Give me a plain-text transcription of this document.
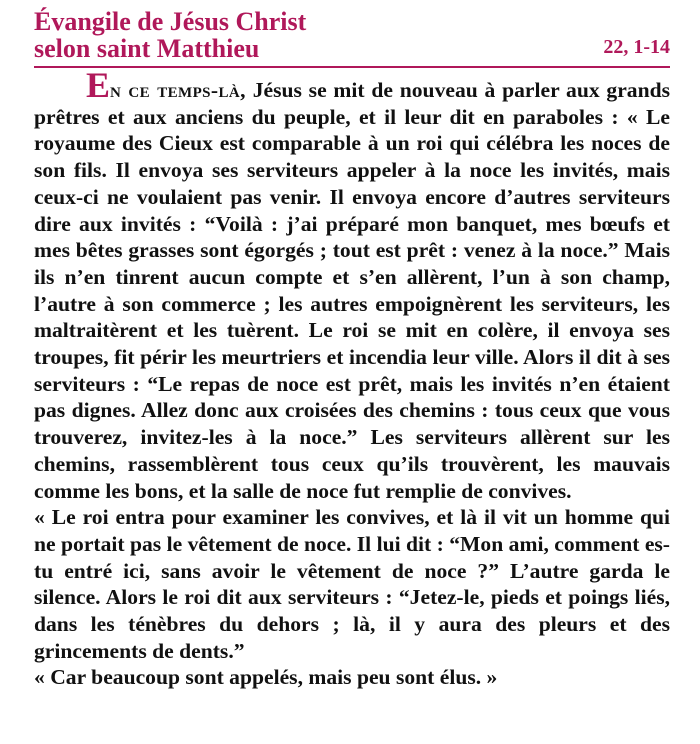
Évangile de Jésus Christ
selon saint Matthieu	22, 1-14

En ce temps-là, Jésus se mit de nouveau à parler aux grands prêtres et aux anciens du peuple, et il leur dit en paraboles : « Le royaume des Cieux est comparable à un roi qui célébra les noces de son fils. Il envoya ses serviteurs appeler à la noce les invités, mais ceux-ci ne voulaient pas venir. Il envoya encore d’autres serviteurs dire aux invités : “Voilà : j’ai préparé mon banquet, mes bœufs et mes bêtes grasses sont égorgés ; tout est prêt : venez à la noce.” Mais ils n’en tinrent aucun compte et s’en allèrent, l’un à son champ, l’autre à son commerce ; les autres empoignèrent les serviteurs, les maltraitèrent et les tuèrent. Le roi se mit en colère, il envoya ses troupes, fit périr les meurtriers et incendia leur ville. Alors il dit à ses serviteurs : “Le repas de noce est prêt, mais les invités n’en étaient pas dignes. Allez donc aux croisées des chemins : tous ceux que vous trouverez, invitez-les à la noce.” Les serviteurs allèrent sur les chemins, rassemblèrent tous ceux qu’ils trouvèrent, les mauvais comme les bons, et la salle de noce fut remplie de convives.

« Le roi entra pour examiner les convives, et là il vit un homme qui ne portait pas le vêtement de noce. Il lui dit : “Mon ami, comment es-tu entré ici, sans avoir le vêtement de noce ?” L’autre garda le silence. Alors le roi dit aux serviteurs : “Jetez-le, pieds et poings liés, dans les ténèbres du dehors ; là, il y aura des pleurs et des grincements de dents.”

« Car beaucoup sont appelés, mais peu sont élus. »
